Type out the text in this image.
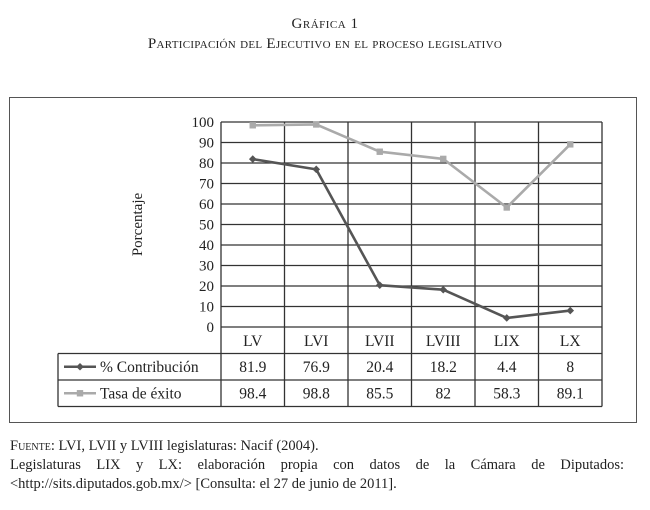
Gráfica 1
Participación del Ejecutivo en el proceso legislativo
0
10
20
30
40
50
60
70
80
90
100
Porcentaje
LV	LVI LVII LVIII LIX	LX
% Contribución	81.9 76.9 20.4 18.2	4.4	8
Tasa de éxito	98.4 98.8 85.5	82	58.3 89.1
Fuente: LVI, LVII y LVIII legislaturas: Nacif (2004).
Legislaturas LIX y LX: elaboración propia con datos de la Cámara de Diputados:
<http://sits.diputados.gob.mx/> [Consulta: el 27 de junio de 2011].
